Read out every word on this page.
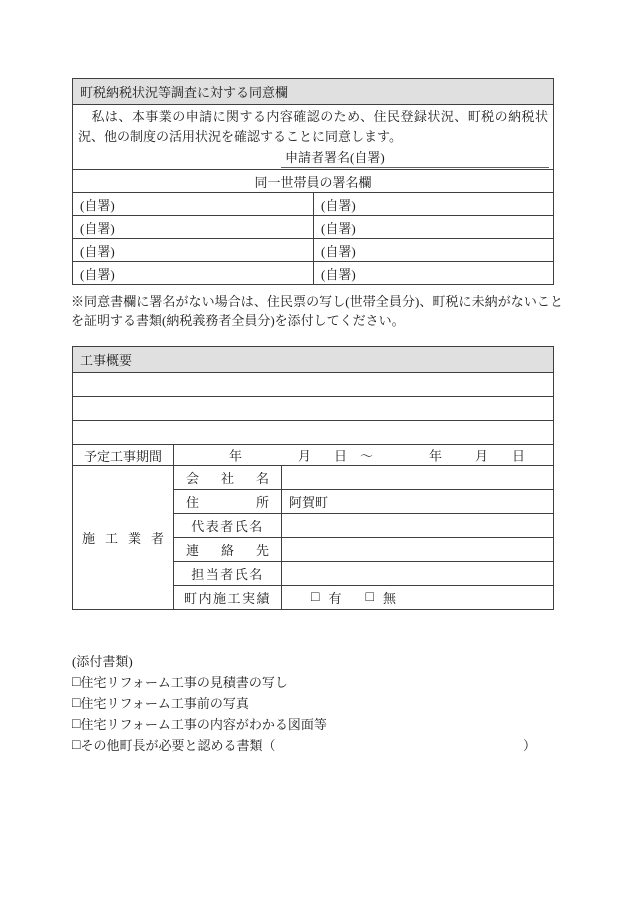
町税納税状況等調査に対する同意欄	

　私は、本事業の申請に関する内容確認のため、住民登録状況、町税の納税状況、他の制度の活用状況を確認することに同意します。

申請者署名(自署)	

同一世帯員の署名欄	
(自署)	(自署)
(自署)	(自署)
(自署)	(自署)
(自署)	(自署)

※同意書欄に署名がない場合は、住民票の写し(世帯全員分)、町税に未納がないことを証明する書類(納税義務者全員分)を添付してください。

工事概要		

予定工事期間	年	月 日 ～	年	月 日

施 工 業 者	会 社 名	
	住 所	阿賀町
	代表者氏名	
	連 絡 先	
	担当者氏名	
	町内施工実績	□ 有 □ 無
(添付書類)
□ 住宅リフォーム工事の見積書の写し
□ 住宅リフォーム工事前の写真
□ 住宅リフォーム工事の内容がわかる図面等
□ その他町長が必要と認める書類（	）
